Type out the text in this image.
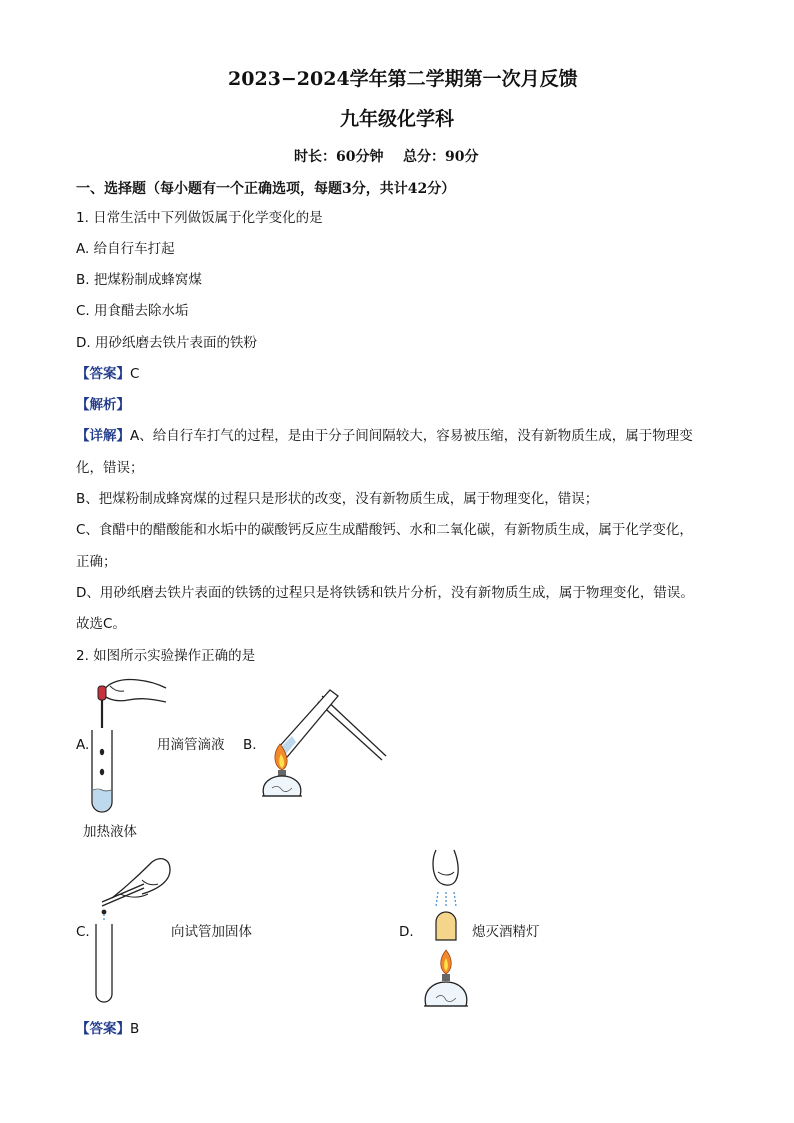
2023−2024学年第二学期第一次月反馈
九年级化学科
时长：60分钟    总分：90分
一、选择题（每小题有一个正确选项，每题3分，共计42分）
1. 日常生活中下列做饭属于化学变化的是
A. 给自行车打起
B. 把煤粉制成蜂窝煤
C. 用食醋去除水垢
D. 用砂纸磨去铁片表面的铁粉
【答案】C
【解析】
【详解】A、给自行车打气的过程，是由于分子间间隔较大，容易被压缩，没有新物质生成，属于物理变
化，错误；
B、把煤粉制成蜂窝煤的过程只是形状的改变，没有新物质生成，属于物理变化，错误；
C、食醋中的醋酸能和水垢中的碳酸钙反应生成醋酸钙、水和二氧化碳，有新物质生成，属于化学变化，
正确；
D、用砂纸磨去铁片表面的铁锈的过程只是将铁锈和铁片分析，没有新物质生成，属于物理变化，错误。
故选C。
2. 如图所示实验操作正确的是
A.	用滴管滴液 B.
加热液体
C.	向试管加固体	D.	熄灭酒精灯
【答案】B
